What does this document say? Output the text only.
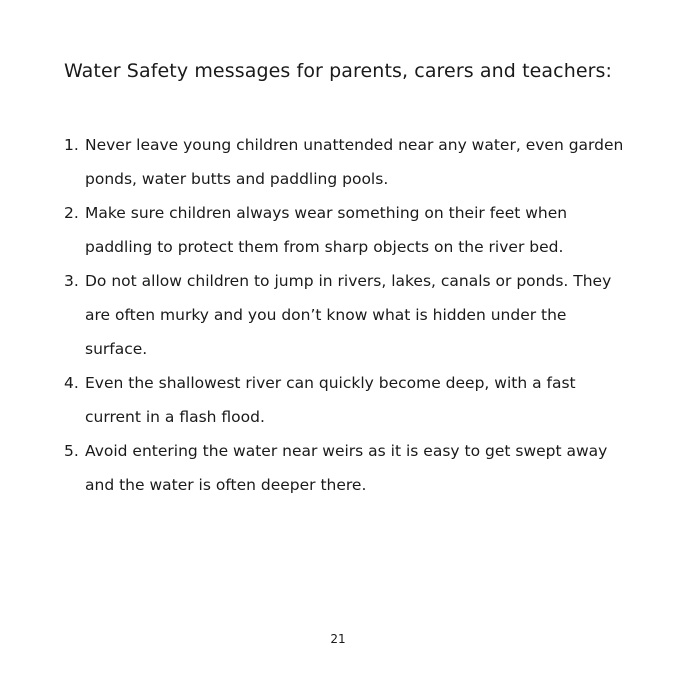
Water Safety messages for parents, carers and teachers:
1. Never leave young children unattended near any water, even garden ponds, water butts and paddling pools.
2. Make sure children always wear something on their feet when paddling to protect them from sharp objects on the river bed.
3. Do not allow children to jump in rivers, lakes, canals or ponds. They are often murky and you don’t know what is hidden under the surface.
4. Even the shallowest river can quickly become deep, with a fast current in a flash flood.
5. Avoid entering the water near weirs as it is easy to get swept away and the water is often deeper there.
21
